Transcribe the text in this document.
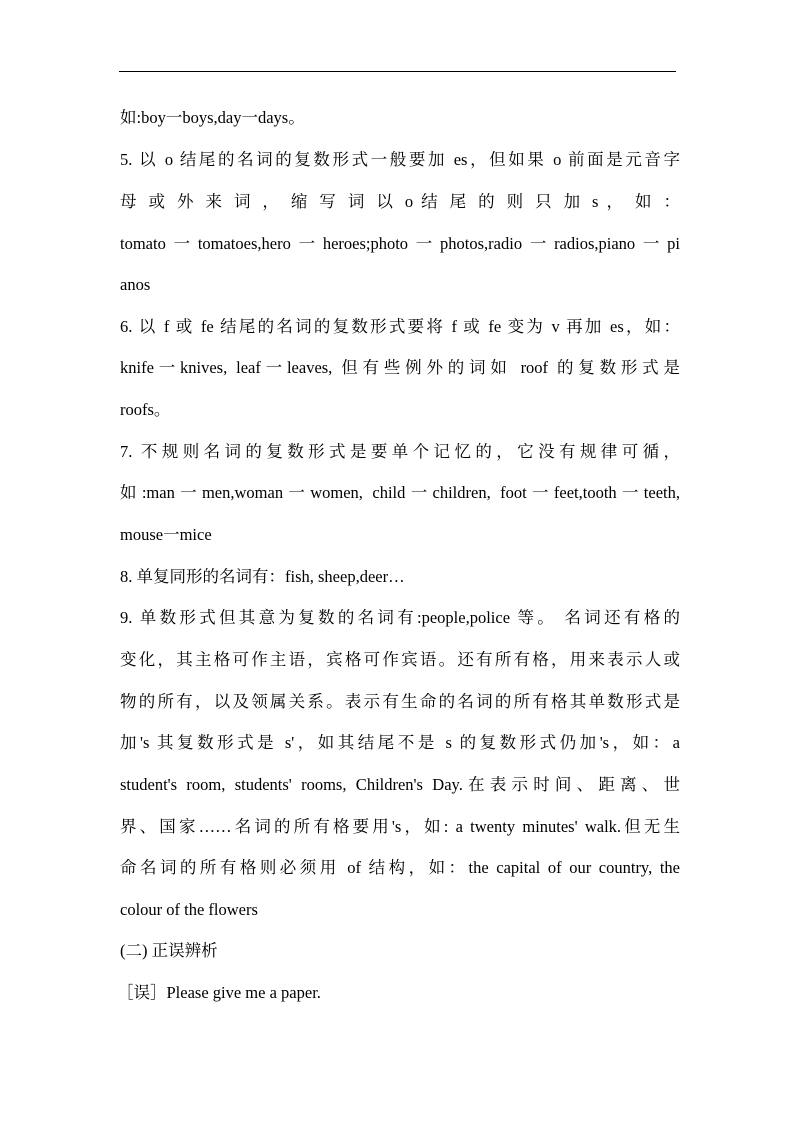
如:boy一boys,day一days。
5. 以 o 结尾的名词的复数形式一般要加 es，但如果 o 前面是元音字
母 或 外 来 词 ， 缩 写 词 以 o 结 尾 的 则 只 加 s ， 如 ：
tomato一tomatoes,hero一heroes;photo一photos,radio一radios,piano一pi
anos
6. 以 f 或 fe 结尾的名词的复数形式要将 f 或 fe 变为 v 再加 es，如：
knife一knives, leaf一leaves, 但有些例外的词如 roof 的复数形式是
roofs。
7. 不规则名词的复数形式是要单个记忆的，它没有规律可循，
如:man一men,woman一women, child一children, foot一feet,tooth一teeth,
mouse一mice
8. 单复同形的名词有：fish, sheep,deer…
9. 单数形式但其意为复数的名词有:people,police 等。 名词还有格的
变化，其主格可作主语，宾格可作宾语。还有所有格，用来表示人或
物的所有，以及领属关系。表示有生命的名词的所有格其单数形式是
加's 其复数形式是 s'，如其结尾不是 s 的复数形式仍加's，如：a
student's room, students' rooms, Children's Day.在表示时间、距离、世
界、国家……名词的所有格要用's，如: a twenty minutes' walk.但无生
命名词的所有格则必须用 of 结构，如：the capital of our country, the
colour of the flowers
(二) 正误辨析
［误］Please give me a paper.
